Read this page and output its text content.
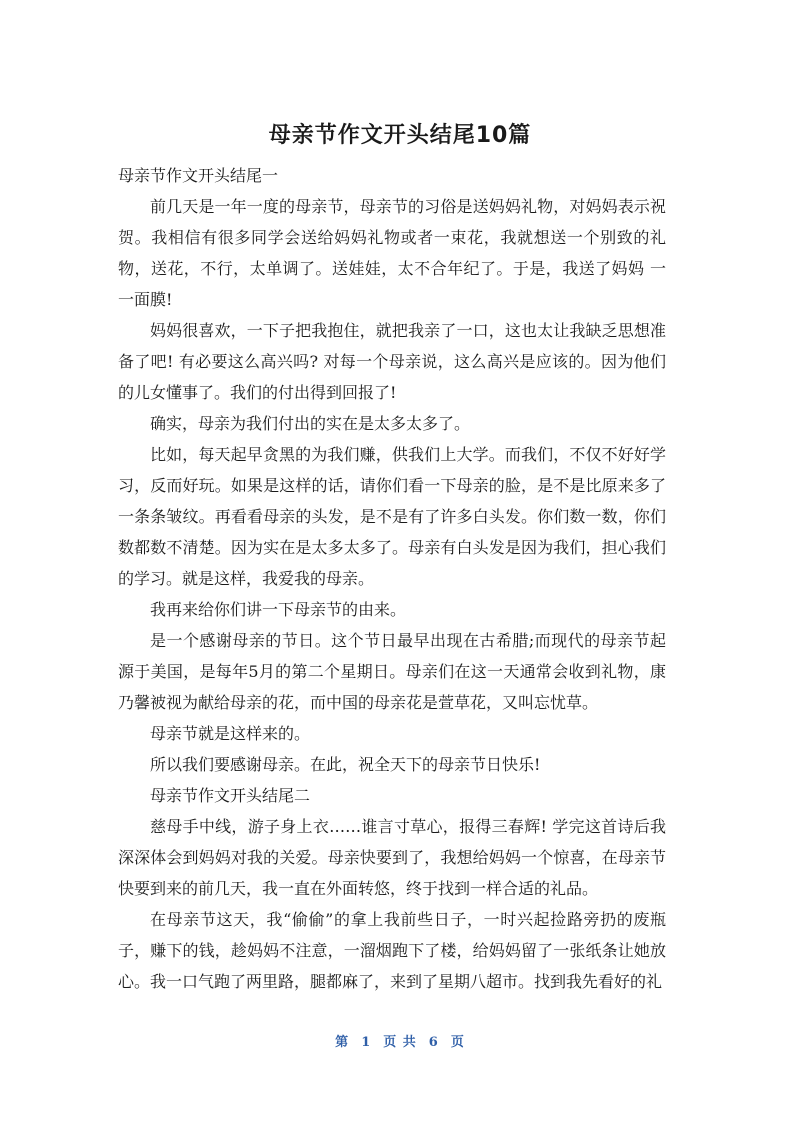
母亲节作文开头结尾10篇

母亲节作文开头结尾一

前几天是一年一度的母亲节，母亲节的习俗是送妈妈礼物，对妈妈表示祝贺。我相信有很多同学会送给妈妈礼物或者一束花，我就想送一个别致的礼物，送花，不行，太单调了。送娃娃，太不合年纪了。于是，我送了妈妈 一一面膜!

妈妈很喜欢，一下子把我抱住，就把我亲了一口，这也太让我缺乏思想准备了吧! 有必要这么高兴吗? 对每一个母亲说，这么高兴是应该的。因为他们的儿女懂事了。我们的付出得到回报了!

确实，母亲为我们付出的实在是太多太多了。

比如，每天起早贪黑的为我们赚，供我们上大学。而我们，不仅不好好学习，反而好玩。如果是这样的话，请你们看一下母亲的脸，是不是比原来多了一条条皱纹。再看看母亲的头发，是不是有了许多白头发。你们数一数，你们数都数不清楚。因为实在是太多太多了。母亲有白头发是因为我们，担心我们的学习。就是这样，我爱我的母亲。

我再来给你们讲一下母亲节的由来。

是一个感谢母亲的节日。这个节日最早出现在古希腊;而现代的母亲节起源于美国，是每年5月的第二个星期日。母亲们在这一天通常会收到礼物，康乃馨被视为献给母亲的花，而中国的母亲花是萱草花，又叫忘忧草。

母亲节就是这样来的。

所以我们要感谢母亲。在此，祝全天下的母亲节日快乐!

母亲节作文开头结尾二

慈母手中线，游子身上衣……谁言寸草心，报得三春辉! 学完这首诗后我深深体会到妈妈对我的关爱。母亲快要到了，我想给妈妈一个惊喜，在母亲节快要到来的前几天，我一直在外面转悠，终于找到一样合适的礼品。

在母亲节这天，我“偷偷”的拿上我前些日子，一时兴起捡路旁扔的废瓶子，赚下的钱，趁妈妈不注意，一溜烟跑下了楼，给妈妈留了一张纸条让她放心。我一口气跑了两里路，腿都麻了，来到了星期八超市。找到我先看好的礼

第 1 页 共 6 页
